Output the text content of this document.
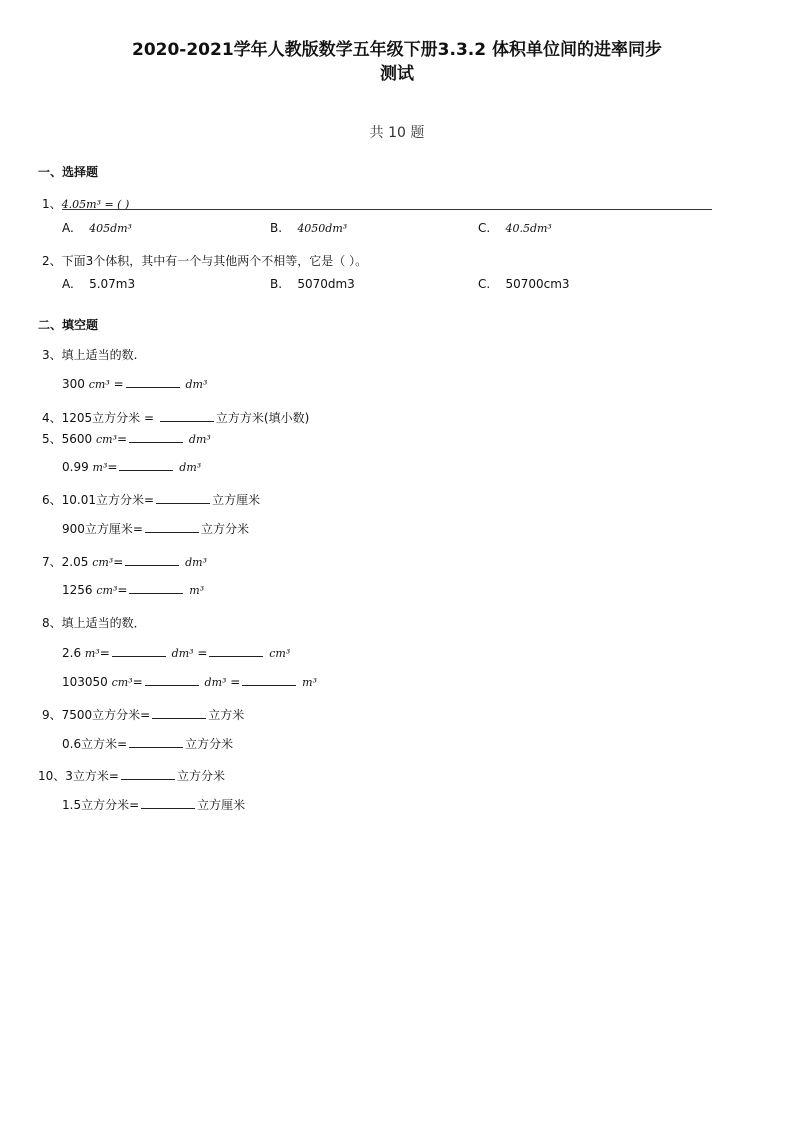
2020-2021学年人教版数学五年级下册3.3.2 体积单位间的进率同步
测试
共 10 题
一、选择题
1、4.05m³ = ( )
A. 405dm³	B. 4050dm³	C. 40.5dm³
2、下面3个体积，其中有一个与其他两个不相等，它是（ ）。
A. 5.07m3	B. 5070dm3	C. 50700cm3
二、填空题
3、填上适当的数.
300 cm³ =	dm³
4、1205立方分米 =	立方方米(填小数)
5、5600 cm³=	dm³
0.99 m³=	dm³
6、10.01立方分米=	立方厘米
900立方厘米=	立方分米
7、2.05 cm³=	dm³
1256 cm³=	m³
8、填上适当的数．
2.6 m³=	dm³ =	cm³
103050 cm³=	dm³ =	m³
9、7500立方分米=	立方米
0.6立方米=	立方分米
10、3立方米=	立方分米
1.5立方分米=	立方厘米
